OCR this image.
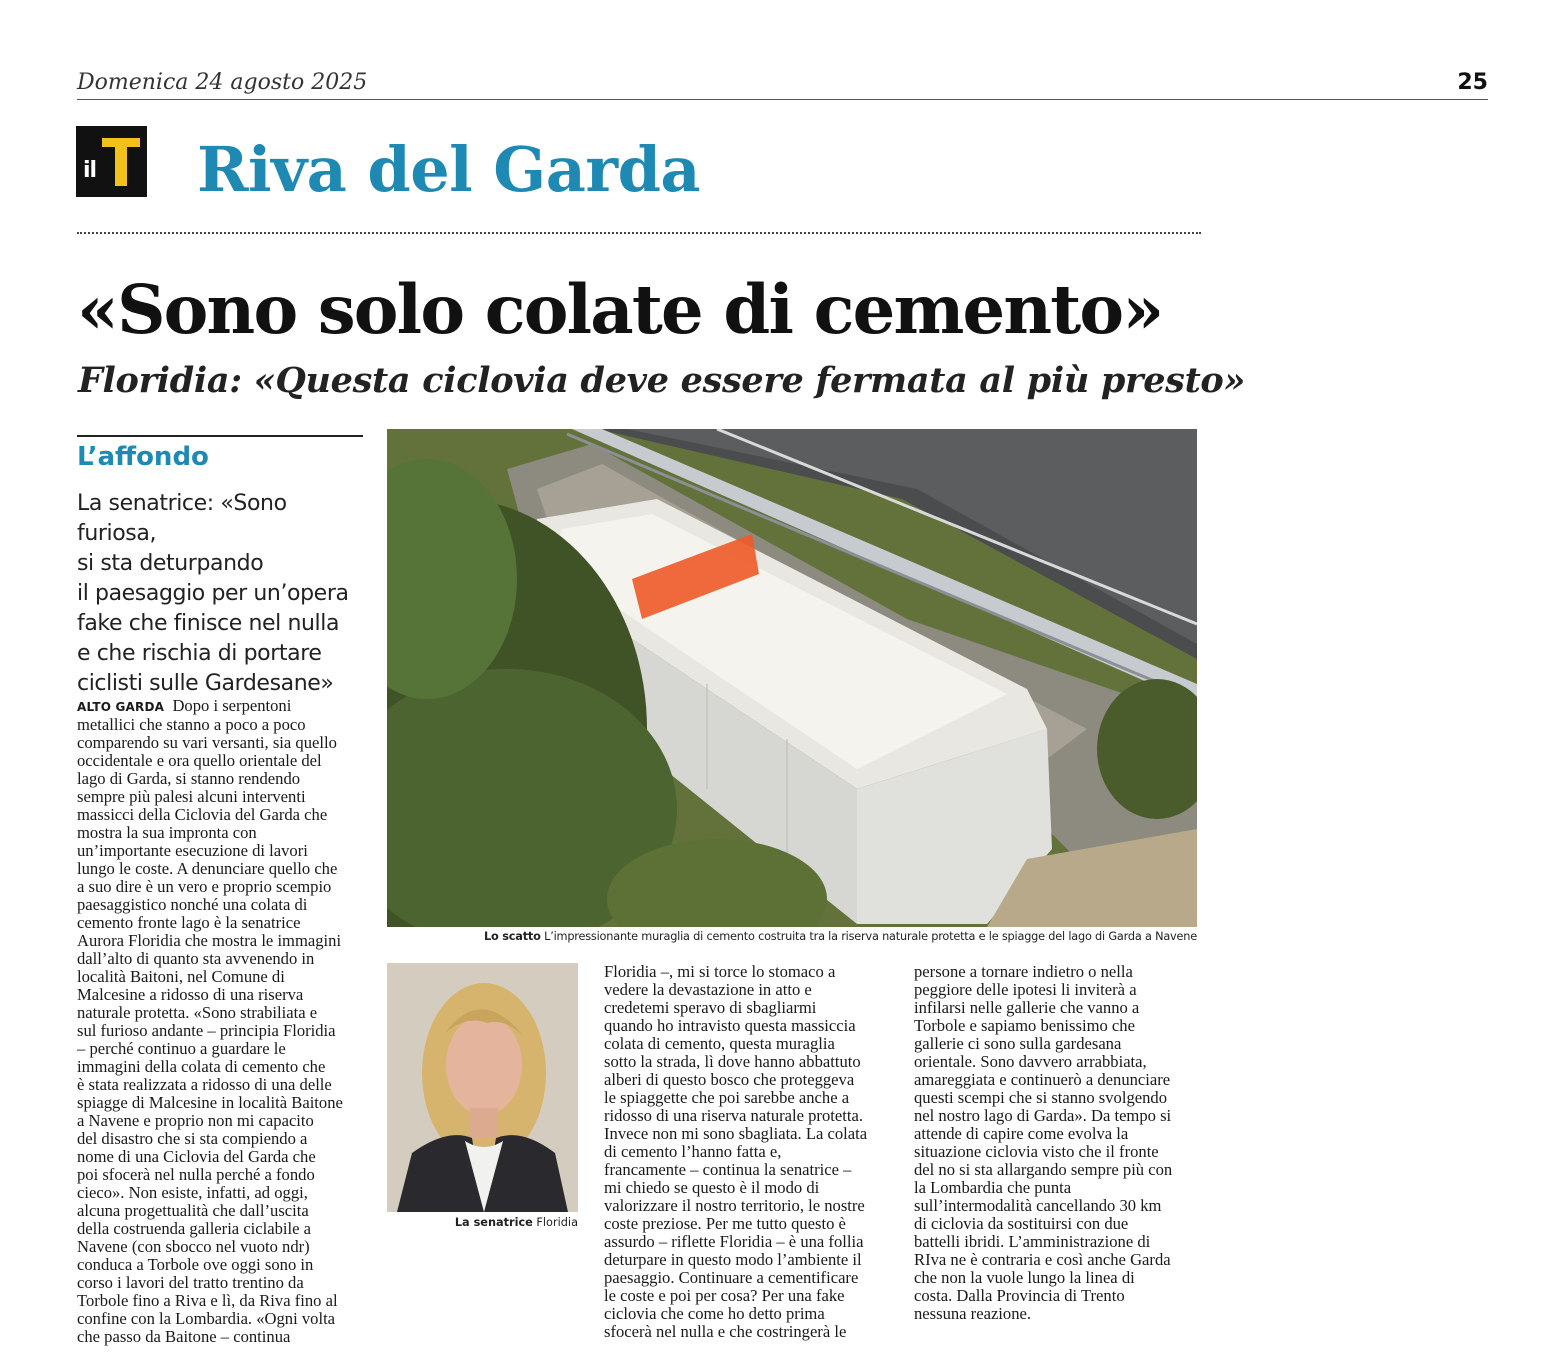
Domenica 24 agosto 2025	25
il Riva del Garda
«Sono solo colate di cemento»
Floridia: «Questa ciclovia deve essere fermata al più presto»
L’affondo
La senatrice: «Sono furiosa,
si sta deturpando
il paesaggio per un’opera
fake che finisce nel nulla
e che rischia di portare
ciclisti sulle Gardesane»
ALTO GARDA Dopo i serpentoni
metallici che stanno a poco a poco
comparendo su vari versanti, sia quello
occidentale e ora quello orientale del
lago di Garda, si stanno rendendo
sempre più palesi alcuni interventi
massicci della Ciclovia del Garda che
mostra la sua impronta con
un’importante esecuzione di lavori
lungo le coste. A denunciare quello che
a suo dire è un vero e proprio scempio
paesaggistico nonché una colata di
cemento fronte lago è la senatrice
Aurora Floridia che mostra le immagini
dall’alto di quanto sta avvenendo in
località Baitoni, nel Comune di
Malcesine a ridosso di una riserva
naturale protetta. «Sono strabiliata e
sul furioso andante – principia Floridia
– perché continuo a guardare le
immagini della colata di cemento che
è stata realizzata a ridosso di una delle
spiagge di Malcesine in località Baitone
a Navene e proprio non mi capacito
del disastro che si sta compiendo a
nome di una Ciclovia del Garda che
poi sfocerà nel nulla perché a fondo
cieco». Non esiste, infatti, ad oggi,
alcuna progettualità che dall’uscita
della costruenda galleria ciclabile a
Navene (con sbocco nel vuoto ndr)
conduca a Torbole ove oggi sono in
corso i lavori del tratto trentino da
Torbole fino a Riva e lì, da Riva fino al
confine con la Lombardia. «Ogni volta
che passo da Baitone – continua
Lo scatto L’impressionante muraglia di cemento costruita tra la riserva naturale protetta e le spiagge del lago di Garda a Navene
La senatrice Floridia
Floridia –, mi si torce lo stomaco a
vedere la devastazione in atto e
credetemi speravo di sbagliarmi
quando ho intravisto questa massiccia
colata di cemento, questa muraglia
sotto la strada, lì dove hanno abbattuto
alberi di questo bosco che proteggeva
le spiaggette che poi sarebbe anche a
ridosso di una riserva naturale protetta.
Invece non mi sono sbagliata. La colata
di cemento l’hanno fatta e,
francamente – continua la senatrice –
mi chiedo se questo è il modo di
valorizzare il nostro territorio, le nostre
coste preziose. Per me tutto questo è
assurdo – riflette Floridia – è una follia
deturpare in questo modo l’ambiente il
paesaggio. Continuare a cementificare
le coste e poi per cosa? Per una fake
ciclovia che come ho detto prima
sfocerà nel nulla e che costringerà le
persone a tornare indietro o nella
peggiore delle ipotesi li inviterà a
infilarsi nelle gallerie che vanno a
Torbole e sapiamo benissimo che
gallerie ci sono sulla gardesana
orientale. Sono davvero arrabbiata,
amareggiata e continuerò a denunciare
questi scempi che si stanno svolgendo
nel nostro lago di Garda». Da tempo si
attende di capire come evolva la
situazione ciclovia visto che il fronte
del no si sta allargando sempre più con
la Lombardia che punta
sull’intermodalità cancellando 30 km
di ciclovia da sostituirsi con due
battelli ibridi. L’amministrazione di
RIva ne è contraria e così anche Garda
che non la vuole lungo la linea di
costa. Dalla Provincia di Trento
nessuna reazione.
